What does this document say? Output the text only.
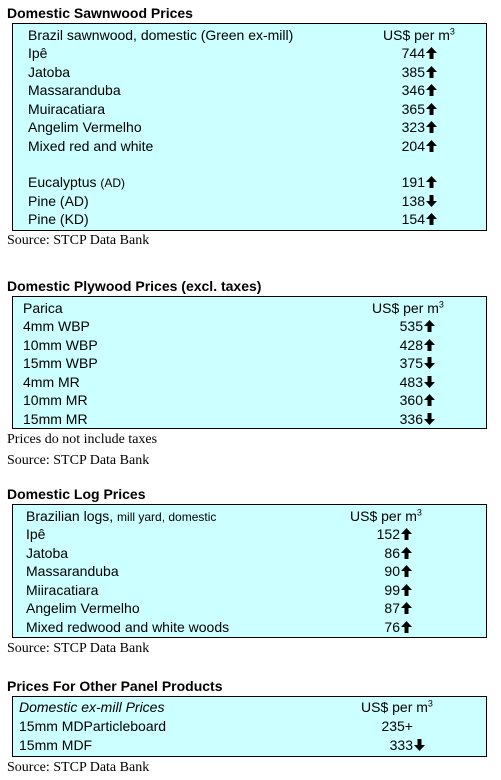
Domestic Sawnwood Prices
Brazil sawnwood, domestic (Green ex-mill)	US$ per $m^3$
Ipê	744
Jatoba	385
Massaranduba	346
Muiracatiara	365
Angelim Vermelho	323
Mixed red and white	204
Eucalyptus (AD)	191
Pine (AD)	138
Pine (KD)	154
Source: STCP Data Bank
Domestic Plywood Prices (excl. taxes)
Parica	US$ per $m^3$
4mm WBP	535
10mm WBP	428
15mm WBP	375
4mm MR	483
10mm MR	360
15mm MR	336
Prices do not include taxes
Source: STCP Data Bank
Domestic Log Prices
Brazilian logs, mill yard, domestic	US$ per $m^3$
Ipê	152
Jatoba	86
Massaranduba	90
Miiracatiara	99
Angelim Vermelho	87
Mixed redwood and white woods	76
Source: STCP Data Bank
Prices For Other Panel Products
Domestic ex-mill Prices	US$ per $m^3$
15mm MDParticleboard	235+
15mm MDF	333
Source: STCP Data Bank
